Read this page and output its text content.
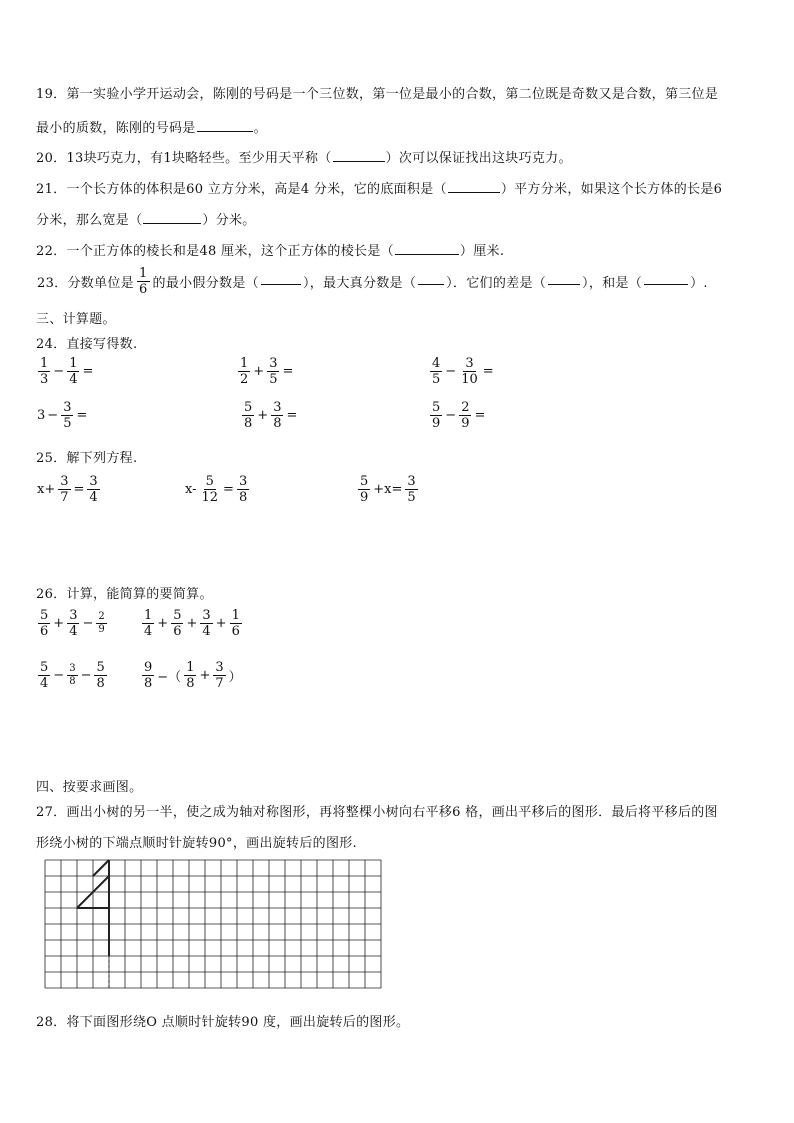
19．第一实验小学开运动会，陈刚的号码是一个三位数，第一位是最小的合数，第二位既是奇数又是合数，第三位是
最小的质数，陈刚的号码是	。
20．13块巧克力，有1块略轻些。至少用天平称（	）次可以保证找出这块巧克力。
21．一个长方体的体积是60 立方分米，高是4 分米，它的底面积是（	）平方分米，如果这个长方体的长是6
分米，那么宽是（	）分米。
22．一个正方体的棱长和是48 厘米，这个正方体的棱长是（	）厘米.
23．分数单位是 $\frac{1}{6}$ 的最小假分数是（	），最大真分数是（ ）．它们的差是（	），和是（	）.
三、计算题。
24．直接写得数.
$\frac{1}{3} - \frac{1}{4}$ =	$\frac{1}{2} + \frac{3}{5}$ =	$\frac{4}{5} - \frac{3}{10}$ =
$3 - \frac{3}{5}$ =	$\frac{5}{8} + \frac{3}{8}$ =	$\frac{5}{9} - \frac{2}{9}$ =
25．解下列方程.
$x+ \frac{3}{7} = \frac{3}{4}$	$x- \frac{5}{12} = \frac{3}{8}$	$\frac{5}{9} +x= \frac{3}{5}$
26．计算，能简算的要简算。
$\frac{5}{6} + \frac{3}{4} - \frac{2}{9}$	$\frac{1}{4} + \frac{5}{6} + \frac{3}{4} + \frac{1}{6}$
$\frac{5}{4} - \frac{3}{8} - \frac{5}{8}$	$\frac{9}{8}$ −（ $\frac{1}{8} + \frac{3}{7}$ ）
四、按要求画图。
27．画出小树的另一半，使之成为轴对称图形，再将整棵小树向右平移6 格，画出平移后的图形．最后将平移后的图
形绕小树的下端点顺时针旋转90°，画出旋转后的图形.
28．将下面图形绕O 点顺时针旋转90 度，画出旋转后的图形。
